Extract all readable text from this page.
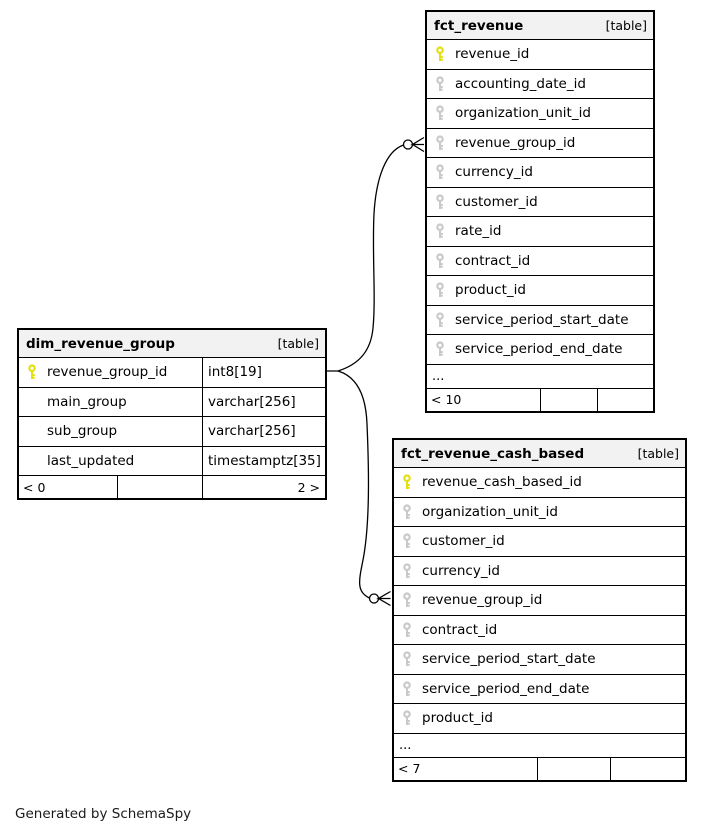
fct_revenue	[table]
revenue_id
accounting_date_id
organization_unit_id
revenue_group_id
currency_id
customer_id
rate_id
contract_id
product_id
service_period_start_date
service_period_end_date
...
< 10
dim_revenue_group	[table]
revenue_group_id	int8[19]
main_group	varchar[256]
sub_group	varchar[256]
last_updated	timestamptz[35]
< 0	2 >
fct_revenue_cash_based	[table]
revenue_cash_based_id
organization_unit_id
customer_id
currency_id
revenue_group_id
contract_id
service_period_start_date
service_period_end_date
product_id
...
< 7
Generated by SchemaSpy
